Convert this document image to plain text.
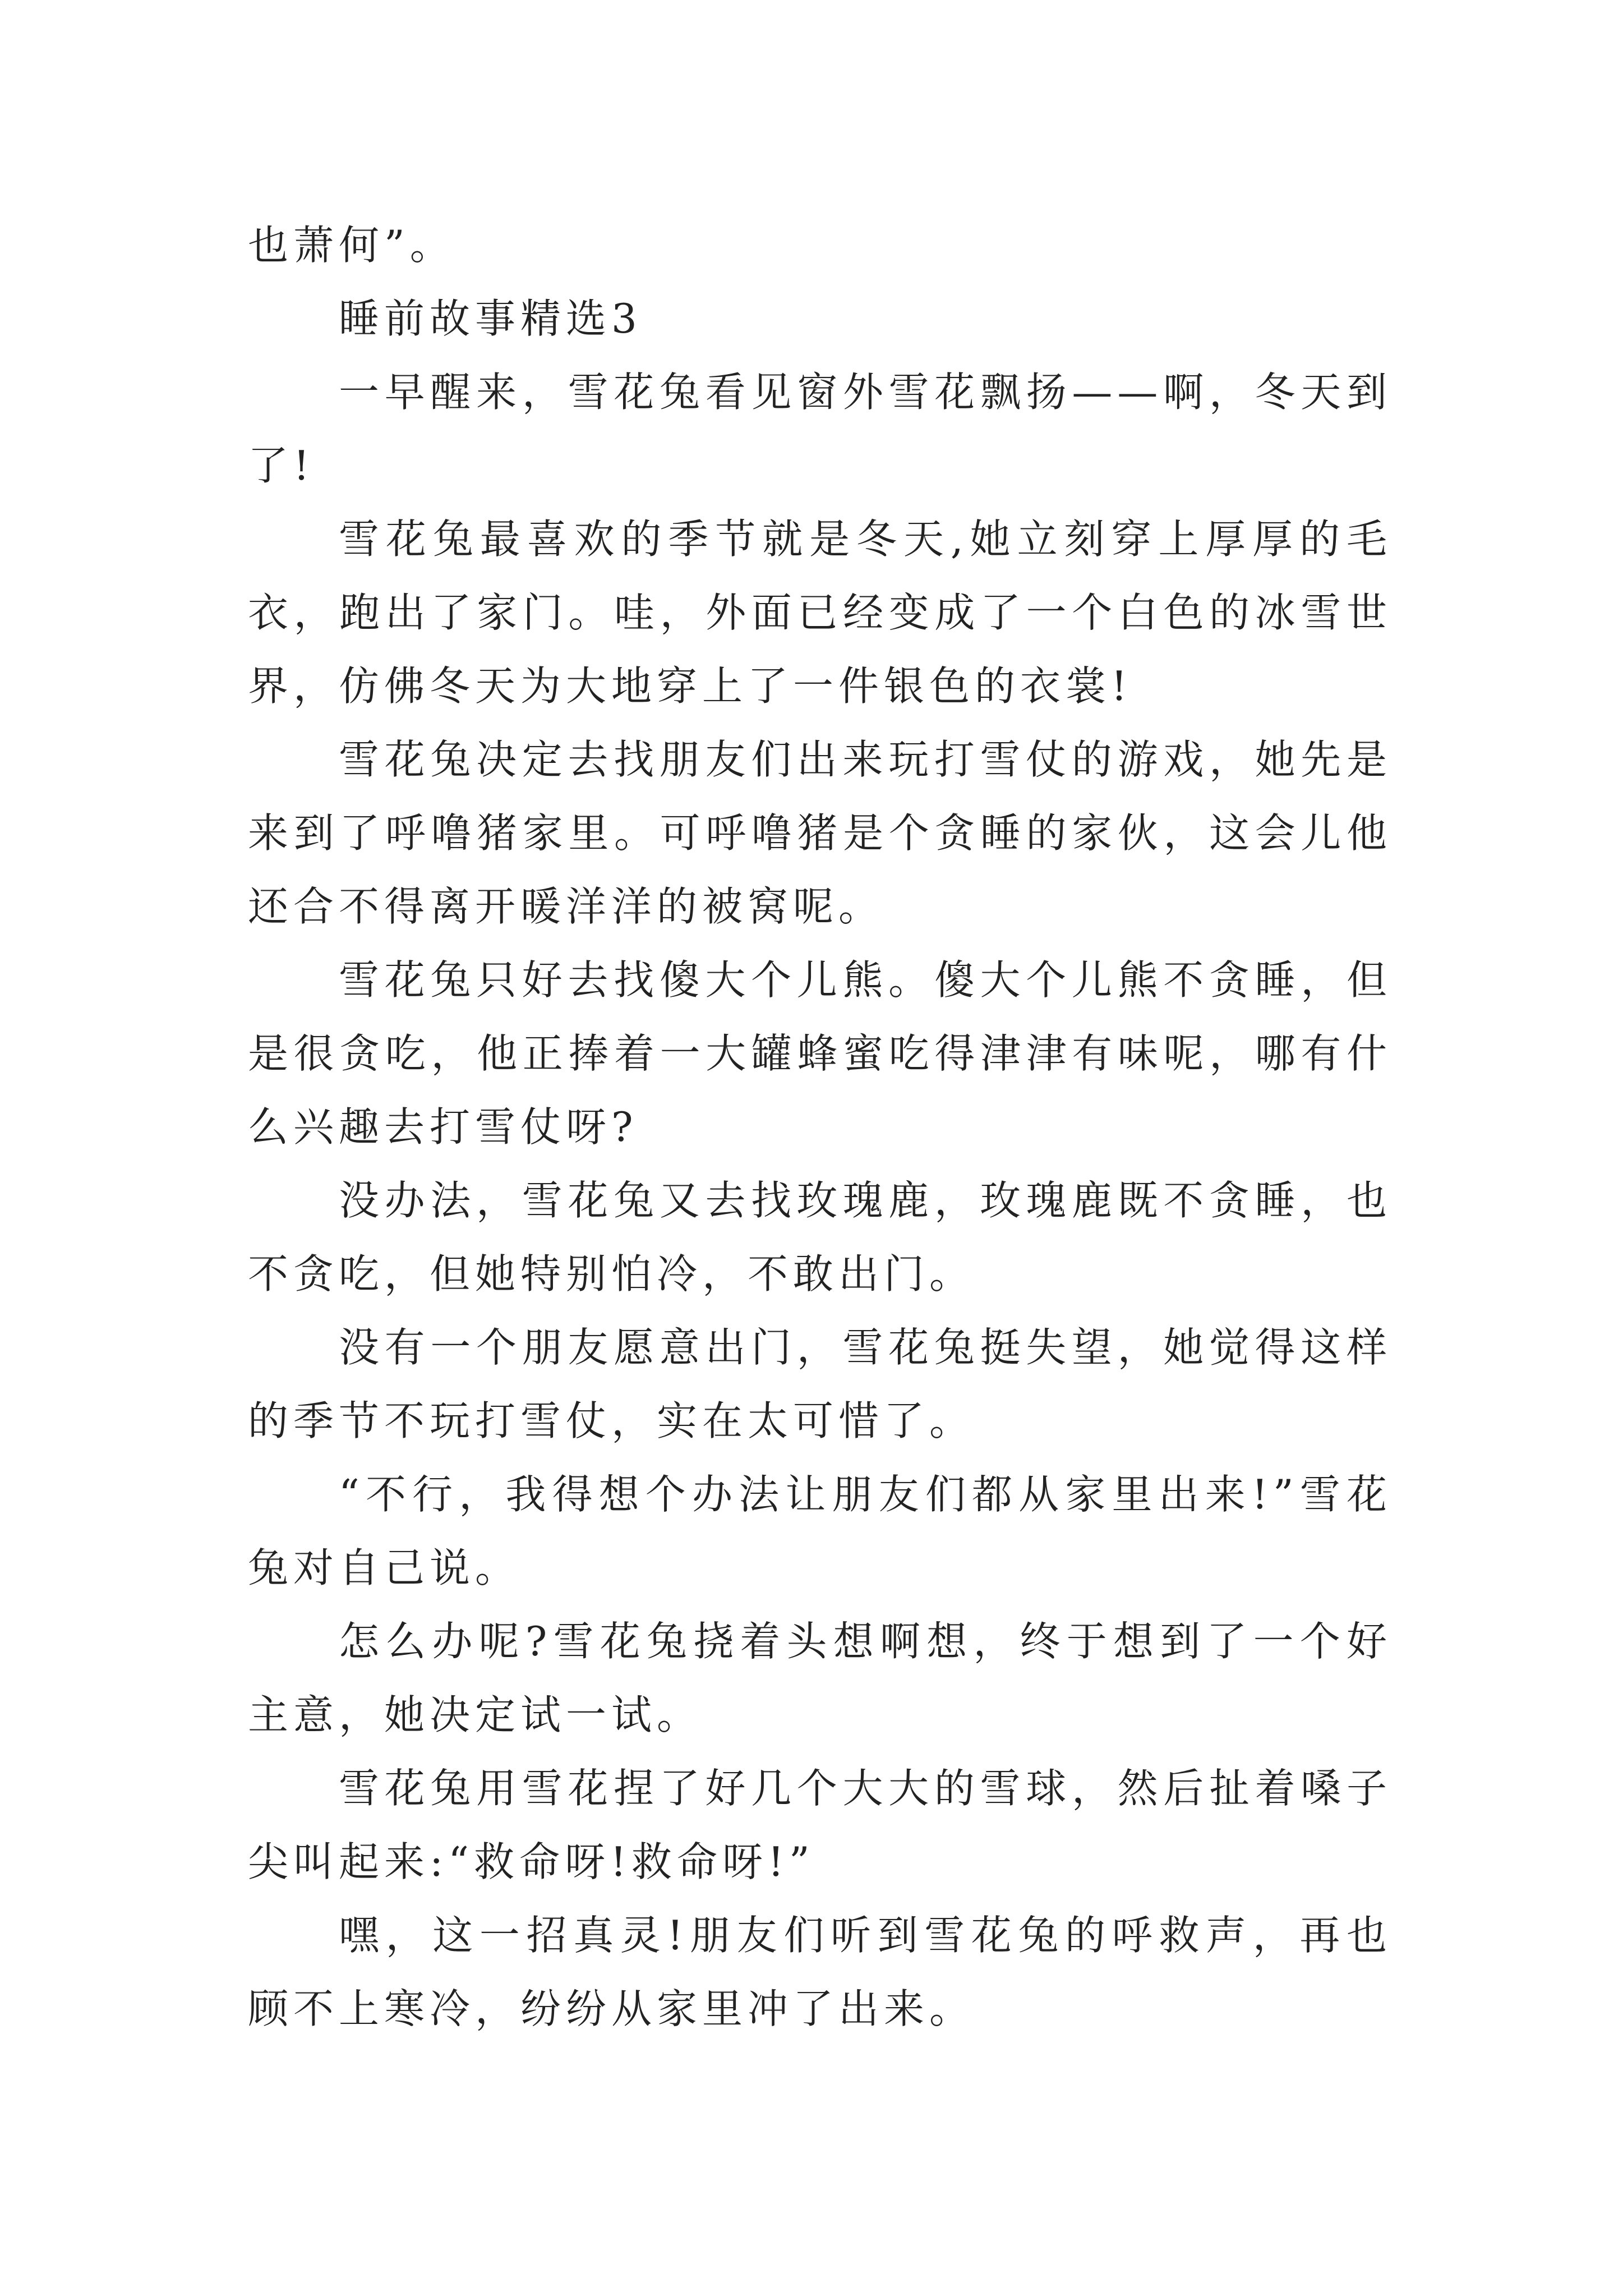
也萧何”。

睡前故事精选3

一早醒来，雪花兔看见窗外雪花飘扬——啊，冬天到了!

雪花兔最喜欢的季节就是冬天,她立刻穿上厚厚的毛衣，跑出了家门。哇，外面已经变成了一个白色的冰雪世界，仿佛冬天为大地穿上了一件银色的衣裳!

雪花兔决定去找朋友们出来玩打雪仗的游戏，她先是来到了呼噜猪家里。可呼噜猪是个贪睡的家伙，这会儿他还合不得离开暖洋洋的被窝呢。

雪花兔只好去找傻大个儿熊。傻大个儿熊不贪睡，但是很贪吃，他正捧着一大罐蜂蜜吃得津津有味呢，哪有什么兴趣去打雪仗呀?

没办法，雪花兔又去找玫瑰鹿，玫瑰鹿既不贪睡，也不贪吃，但她特别怕冷，不敢出门。

没有一个朋友愿意出门，雪花兔挺失望，她觉得这样的季节不玩打雪仗，实在太可惜了。

“不行，我得想个办法让朋友们都从家里出来!”雪花兔对自己说。

怎么办呢?雪花兔挠着头想啊想，终于想到了一个好主意，她决定试一试。

雪花兔用雪花捏了好几个大大的雪球，然后扯着嗓子尖叫起来:“救命呀!救命呀!”

嘿，这一招真灵!朋友们听到雪花兔的呼救声，再也顾不上寒冷，纷纷从家里冲了出来。
